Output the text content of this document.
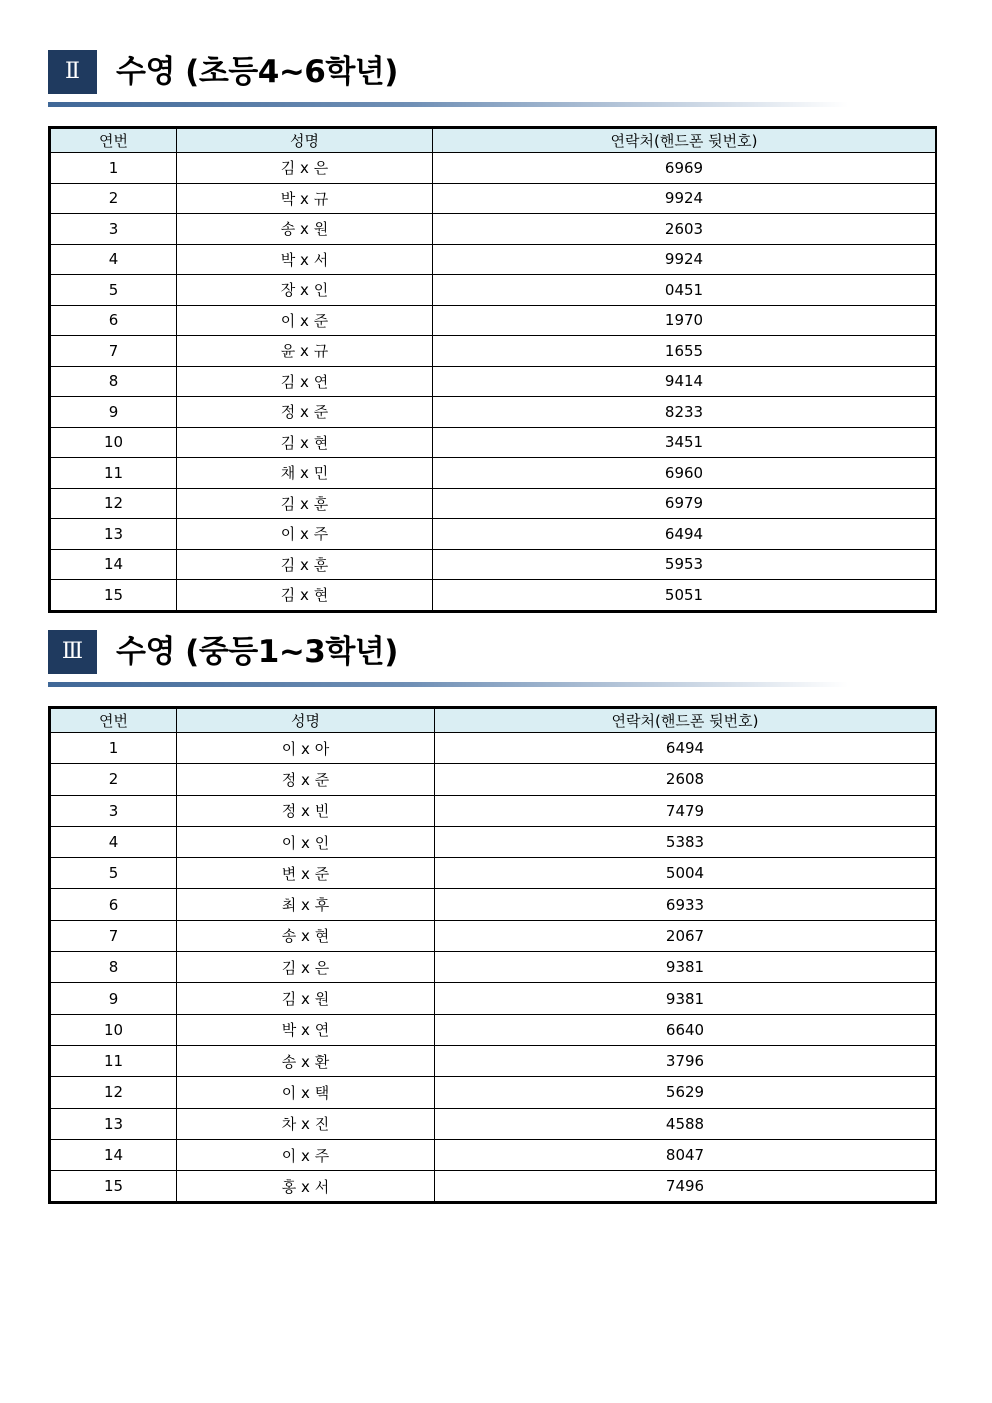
Ⅱ	수영 (초등4~6학년)
연번	성명	연락처(핸드폰 뒷번호)
1	김 x 은	6969
2	박 x 규	9924
3	송 x 원	2603
4	박 x 서	9924
5	장 x 인	0451
6	이 x 준	1970
7	윤 x 규	1655
8	김 x 연	9414
9	정 x 준	8233
10	김 x 현	3451
11	채 x 민	6960
12	김 x 훈	6979
13	이 x 주	6494
14	김 x 훈	5953
15	김 x 현	5051
Ⅲ	수영 (중등1~3학년)
연번	성명	연락처(핸드폰 뒷번호)
1	이 x 아	6494
2	정 x 준	2608
3	정 x 빈	7479
4	이 x 인	5383
5	변 x 준	5004
6	최 x 후	6933
7	송 x 현	2067
8	김 x 은	9381
9	김 x 원	9381
10	박 x 연	6640
11	송 x 환	3796
12	이 x 택	5629
13	차 x 진	4588
14	이 x 주	8047
15	홍 x 서	7496
